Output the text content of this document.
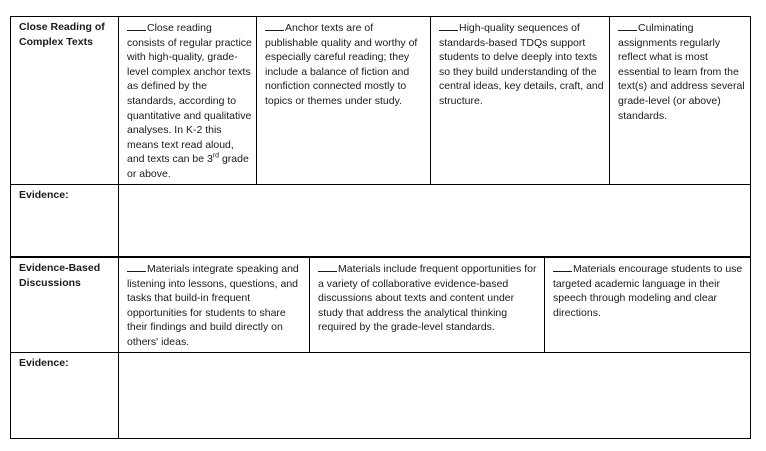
Close Reading of Complex Texts	Close reading consists of regular practice with high-quality, grade-level complex anchor texts as defined by the standards, according to quantitative and qualitative analyses. In K-2 this means text read aloud, and texts can be 3rd grade or above.	Anchor texts are of publishable quality and worthy of especially careful reading; they include a balance of fiction and nonfiction connected mostly to topics or themes under study.	High-quality sequences of standards-based TDQs support students to delve deeply into texts so they build understanding of the central ideas, key details, craft, and structure.	Culminating assignments regularly reflect what is most essential to learn from the text(s) and address several grade-level (or above) standards.
Evidence:				
Evidence-Based Discussions	Materials integrate speaking and listening into lessons, questions, and tasks that build-in frequent opportunities for students to share their findings and build directly on others' ideas.	Materials include frequent opportunities for a variety of collaborative evidence-based discussions about texts and content under study that address the analytical thinking required by the grade-level standards.	Materials encourage students to use targeted academic language in their speech through modeling and clear directions.
Evidence:			
